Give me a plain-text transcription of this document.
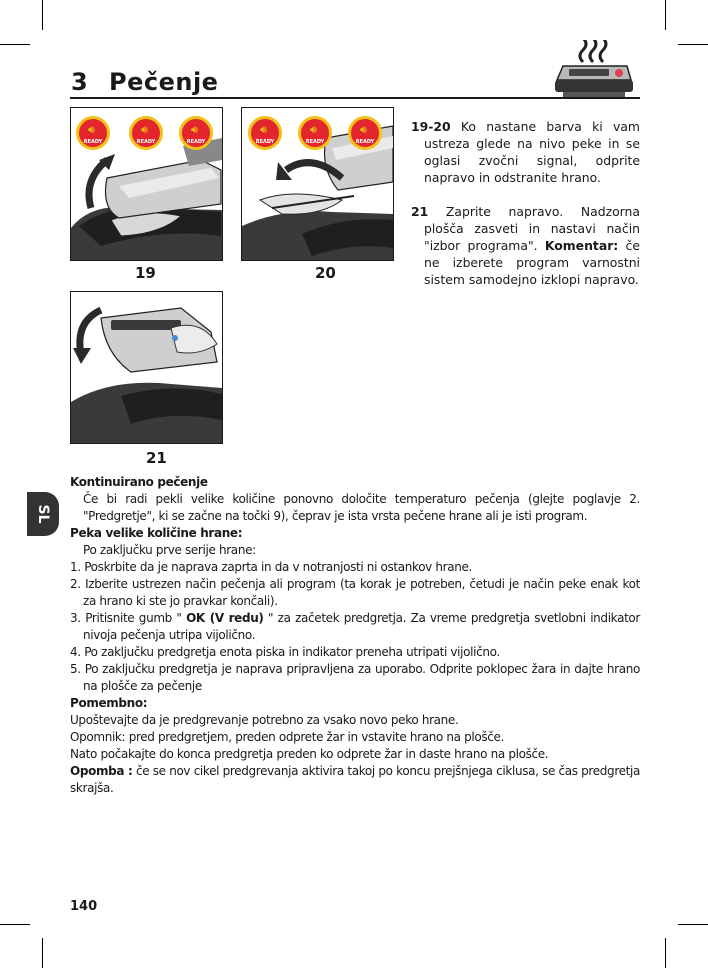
3 Pečenje
READY
🔊︎
READY
🔊︎
READY
🔊︎
19
READY
🔊︎
READY
🔊︎
READY
🔊︎
20
21

19-20 Ko nastane barva ki vam ustreza glede na nivo peke in se oglasi zvočni signal, odprite napravo in odstranite hrano.

21 Zaprite napravo. Nadzorna plošča zasveti in nastavi način "izbor programa". Komentar: če ne izberete program varnostni sistem samodejno izklopi napravo.

Kontinuirano pečenje

Če bi radi pekli velike količine ponovno določite temperaturo pečenja (glejte poglavje 2. "Predgretje", ki se začne na točki 9), čeprav je ista vrsta pečene hrane ali je isti program.

Peka velike količine hrane:

Po zaključku prve serije hrane:

1. Poskrbite da je naprava zaprta in da v notranjosti ni ostankov hrane.

2. Izberite ustrezen način pečenja ali program (ta korak je potreben, četudi je način peke enak kot za hrano ki ste jo pravkar končali).

3. Pritisnite gumb " OK (V redu) " za začetek predgretja. Za vreme predgretja svetlobni indikator nivoja pečenja utripa vijolično.

4. Po zaključku predgretja enota piska in indikator preneha utripati vijolično.

5. Po zaključku predgretja je naprava pripravljena za uporabo. Odprite poklopec žara in dajte hrano na plošče za pečenje

Pomembno:

Upoštevajte da je predgrevanje potrebno za vsako novo peko hrane.

Opomnik: pred predgretjem, preden odprete žar in vstavite hrano na plošče.

Nato počakajte do konca predgretja preden ko odprete žar in daste hrano na plošče.

Opomba : če se nov cikel predgrevanja aktivira takoj po koncu prejšnjega ciklusa, se čas predgretja skrajša.

SL
140
